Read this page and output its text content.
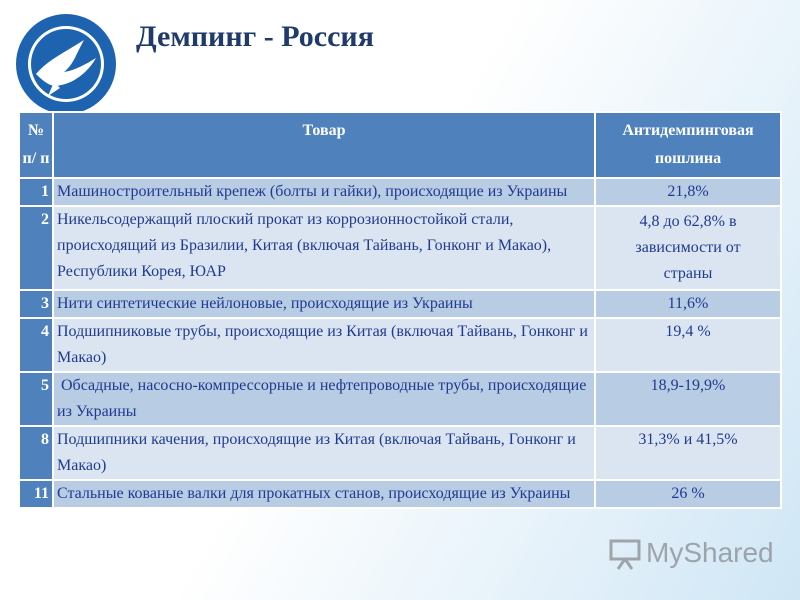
Демпинг - Россия
№ п/ п	Товар	Антидемпинговая пошлина
1	Машиностроительный крепеж (болты и гайки), происходящие из Украины	21,8%
2	Никельсодержащий плоский прокат из коррозионностойкой стали, происходящий из Бразилии, Китая (включая Тайвань, Гонконг и Макао), Республики Корея, ЮАР	4,8 до 62,8% в зависимости от страны
3	Нити синтетические нейлоновые, происходящие из Украины	11,6%
4	Подшипниковые трубы, происходящие из Китая (включая Тайвань, Гонконг и Макао)	19,4 %
5	Обсадные, насосно-компрессорные и нефтепроводные трубы, происходящие из Украины	18,9-19,9%
8	Подшипники качения, происходящие из Китая (включая Тайвань, Гонконг и Макао)	31,3% и 41,5%
11	Стальные кованые валки для прокатных станов, происходящие из Украины	26 %
MyShared
